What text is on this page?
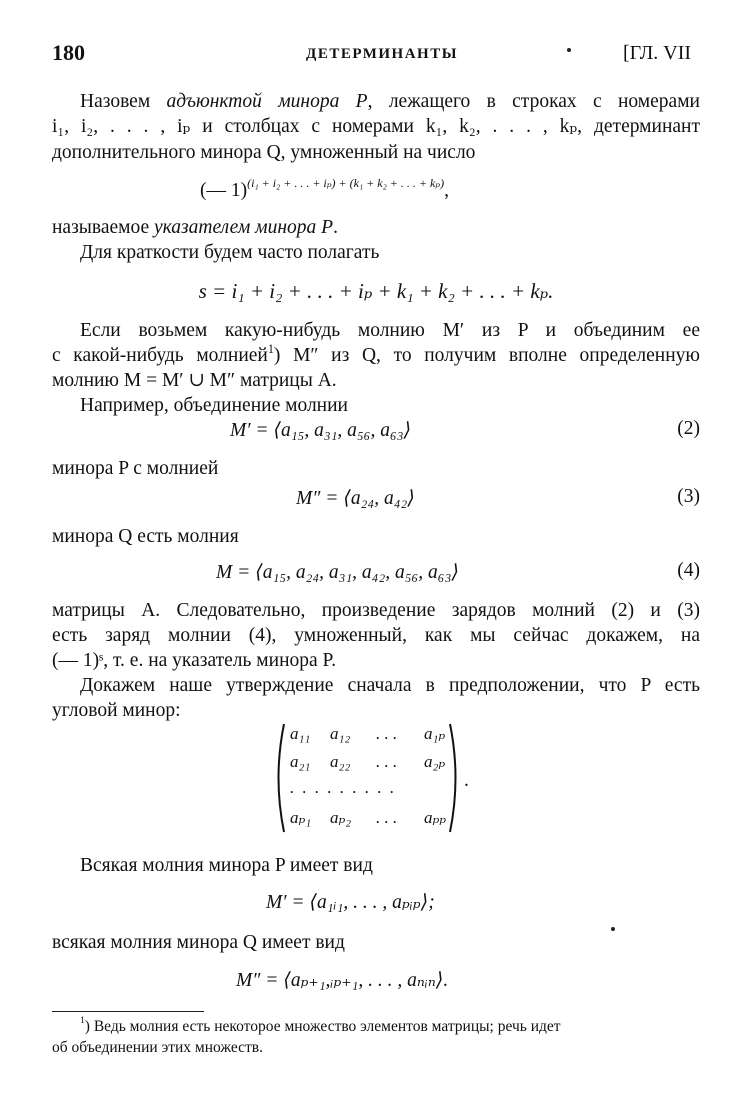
180	ДЕТЕРМИНАНТЫ	[ГЛ. VII
Назовем адъюнктой минора P, лежащего в строках с номерами
i₁, i₂, . . . , iₚ и столбцах с номерами k₁, k₂, . . . , kₚ, детерминант
дополнительного минора Q, умноженный на число
(— 1)$^{(i_1 + i_2 + . . . + i_p) + (k_1 + k_2 + . . . + k_p)}$,
называемое указателем минора P.
Для краткости будем часто полагать
s = i₁ + i₂ + . . . + iₚ + k₁ + k₂ + . . . + kₚ.
Если возьмем какую-нибудь молнию M′ из P и объединим ее
с какой-нибудь молнией$^1$) M″ из Q, то получим вполне определенную
молнию M = M′ ∪ M″ матрицы A.
Например, объединение молнии
M′ = ⟨a₁₅, a₃₁, a₅₆, a₆₃⟩	(2)
минора P с молнией
M″ = ⟨a₂₄, a₄₂⟩	(3)
минора Q есть молния
M = ⟨a₁₅, a₂₄, a₃₁, a₄₂, a₅₆, a₆₃⟩	(4)
матрицы A. Следовательно, произведение зарядов молний (2) и (3)
есть заряд молнии (4), умноженный, как мы сейчас докажем, на
(— 1)ˢ, т. е. на указатель минора P.
Докажем наше утверждение сначала в предположении, что P есть
угловой минор:
a₁₁ a₁₂ . . . a₁ₚ
a₂₁ a₂₂ . . . a₂ₚ
. . . . . . . . .
aₚ₁ aₚ₂ . . . aₚₚ
.
Всякая молния минора P имеет вид
M′ = ⟨a₁ᵢ₁, . . . , aₚᵢₚ⟩;
всякая молния минора Q имеет вид
M″ = ⟨aₚ₊₁,ᵢₚ₊₁, . . . , aₙᵢₙ⟩.
$^1$) Ведь молния есть некоторое множество элементов матрицы; речь идет
об объединении этих множеств.
